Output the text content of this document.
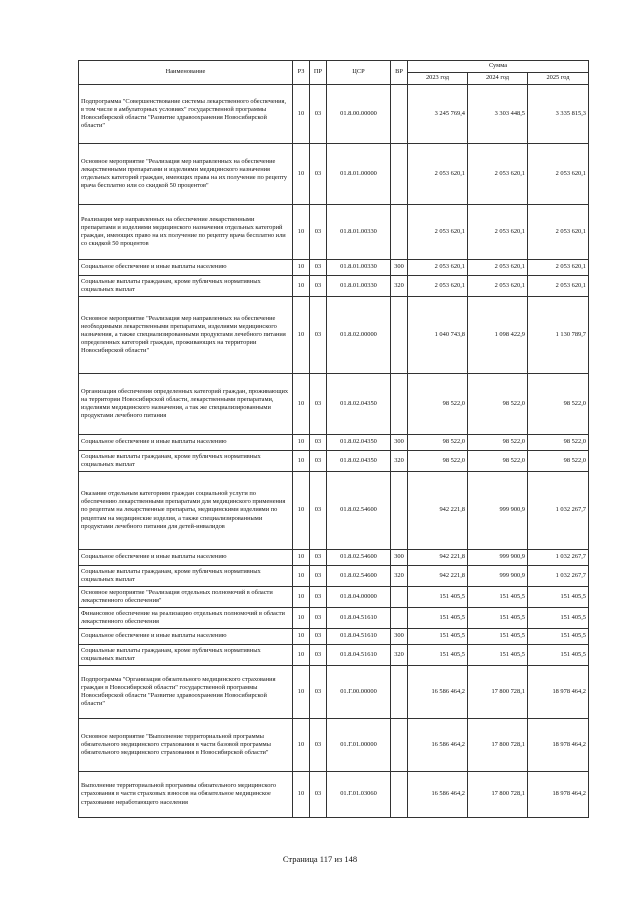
Наименование	РЗ	ПР	ЦСР	ВР	Сумма		
					2023 год	2024 год	2025 год
Подпрограмма "Совершенствование системы лекарственного обеспечения, в том числе в амбулаторных условиях" государственной программы Новосибирской области "Развитие здравоохранения Новосибирской области"	10	03	01.8.00.00000		3 245 769,4	3 303 448,5	3 335 815,3
Основное мероприятие "Реализация мер направленных на обеспечение лекарственными препаратами и изделиями медицинского назначения отдельных категорий граждан, имеющих права на их получение по рецепту врача бесплатно или со скидкой 50 процентов"	10	03	01.8.01.00000		2 053 620,1	2 053 620,1	2 053 620,1
Реализация мер направленных на обеспечение лекарственными препаратами и изделиями медицинского назначения отдельных категорий граждан, имеющих право на их получение по рецепту врача бесплатно или со скидкой 50 процентов	10	03	01.8.01.00330		2 053 620,1	2 053 620,1	2 053 620,1
Социальное обеспечение и иные выплаты населению	10	03	01.8.01.00330	300	2 053 620,1	2 053 620,1	2 053 620,1
Социальные выплаты гражданам, кроме публичных нормативных социальных выплат	10	03	01.8.01.00330	320	2 053 620,1	2 053 620,1	2 053 620,1
Основное мероприятие "Реализация мер направленных на обеспечение необходимыми лекарственными препаратами, изделиями медицинского назначения, а также специализированными продуктами лечебного питания определенных категорий граждан, проживающих на территории Новосибирской области"	10	03	01.8.02.00000		1 040 743,8	1 098 422,9	1 130 789,7
Организация обеспечения определенных категорий граждан, проживающих на территории Новосибирской области, лекарственными препаратами, изделиями медицинского назначения, а так же специализированными продуктами лечебного питания	10	03	01.8.02.04350		98 522,0	98 522,0	98 522,0
Социальное обеспечение и иные выплаты населению	10	03	01.8.02.04350	300	98 522,0	98 522,0	98 522,0
Социальные выплаты гражданам, кроме публичных нормативных социальных выплат	10	03	01.8.02.04350	320	98 522,0	98 522,0	98 522,0
Оказание отдельным категориям граждан социальной услуги по обеспечению лекарственными препаратами для медицинского применения по рецептам на лекарственные препараты, медицинскими изделиями по рецептам на медицинские изделия, а также специализированными продуктами лечебного питания для детей-инвалидов	10	03	01.8.02.54600		942 221,8	999 900,9	1 032 267,7
Социальное обеспечение и иные выплаты населению	10	03	01.8.02.54600	300	942 221,8	999 900,9	1 032 267,7
Социальные выплаты гражданам, кроме публичных нормативных социальных выплат	10	03	01.8.02.54600	320	942 221,8	999 900,9	1 032 267,7
Основное мероприятие "Реализация отдельных полномочий в области лекарственного обеспечения"	10	03	01.8.04.00000		151 405,5	151 405,5	151 405,5
Финансовое обеспечение на реализацию отдельных полномочий в области лекарственного обеспечения	10	03	01.8.04.51610		151 405,5	151 405,5	151 405,5
Социальное обеспечение и иные выплаты населению	10	03	01.8.04.51610	300	151 405,5	151 405,5	151 405,5
Социальные выплаты гражданам, кроме публичных нормативных социальных выплат	10	03	01.8.04.51610	320	151 405,5	151 405,5	151 405,5
Подпрограмма "Организация обязательного медицинского страхования граждан в Новосибирской области" государственной программы Новосибирской области "Развитие здравоохранения Новосибирской области"	10	03	01.Г.00.00000		16 586 464,2	17 800 728,1	18 978 464,2
Основное мероприятие "Выполнение территориальной программы обязательного медицинского страхования в части базовой программы обязательного медицинского страхования в Новосибирской области"	10	03	01.Г.01.00000		16 586 464,2	17 800 728,1	18 978 464,2
Выполнение территориальной программы обязательного медицинского страхования в части страховых взносов на обязательное медицинское страхование неработающего населения	10	03	01.Г.01.03060		16 586 464,2	17 800 728,1	18 978 464,2
Страница 117 из 148
